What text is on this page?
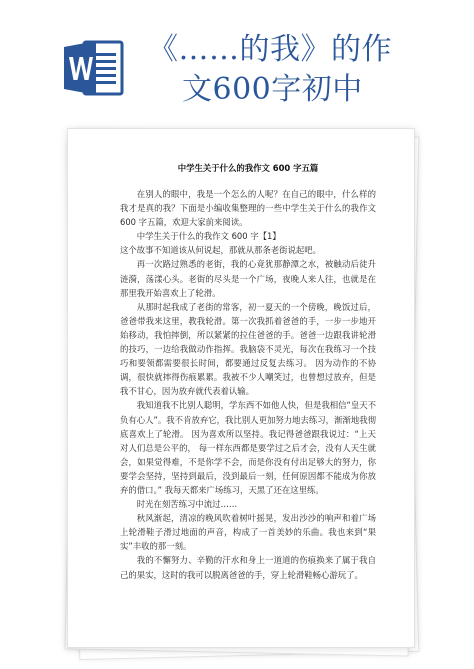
《……的我》的作
文600字初中
中学生关于什么的我作文 600 字五篇

在别人的眼中，我是一个怎么的人呢？在自己的眼中，什么样的我才是真的我？下面是小编收集整理的一些中学生关于什么的我作文600 字五篇，欢迎大家前来阅读。

中学生关于什么的我作文 600 字【1】

这个故事不知道该从何说起，那就从那条老街说起吧。

再一次路过熟悉的老街，我的心竟犹那静潭之水，被触动后徒升涟漪，荡漾心头。老街的尽头是一个广场，夜晚人来人往，也就是在那里我开始喜欢上了轮滑。

从那时起我成了老街的常客，初一夏天的一个傍晚，晚饭过后，爸爸带我来这里，教我轮滑。第一次我抓着爸爸的手，一步一步地开始移动，我怕摔倒，所以紧紧的拉住爸爸的手。爸爸一边跟我讲轮滑的技巧，一边给我做动作指挥。我脑袋不灵光，每次在我练习一个技巧和要领都需要很长时间，都要通过反复去练习。 因为动作的不协调，很快就摔得伤痕累累。我被不少人嘲笑过，也曾想过放弃，但是我不甘心，因为放弃就代表着认输。

我知道我不比别人聪明，学东西不如他人快，但是我相信“皇天不负有心人”。我不肯放弃它，我比别人更加努力地去练习，渐渐地我彻底喜欢上了轮滑。 因为喜欢所以坚持。我记得爸爸跟我说过：“上天对人们总是公平的， 每一样东西都是要学过之后才会，没有人天生就会，如果觉得难，不是你学不会，而是你没有付出足够大的努力，你要学会坚持，坚持到最后，没到最后一刻，任何原因都不能成为你放弃的借口。” 我每天都来广场练习，天黑了还在这里练。

时光在刻苦练习中流过……

秋风渐起，清凉的晚风吹着树叶摇晃，发出沙沙的响声和着广场上轮滑鞋子滑过地面的声音，构成了一首美妙的乐曲。我也来到“果实”丰收的那一刻。

我的不懈努力、辛勤的汗水和身上一道道的伤痕换来了属于我自己的果实，这时的我可以脱离爸爸的手，穿上轮滑鞋畅心游玩了。
